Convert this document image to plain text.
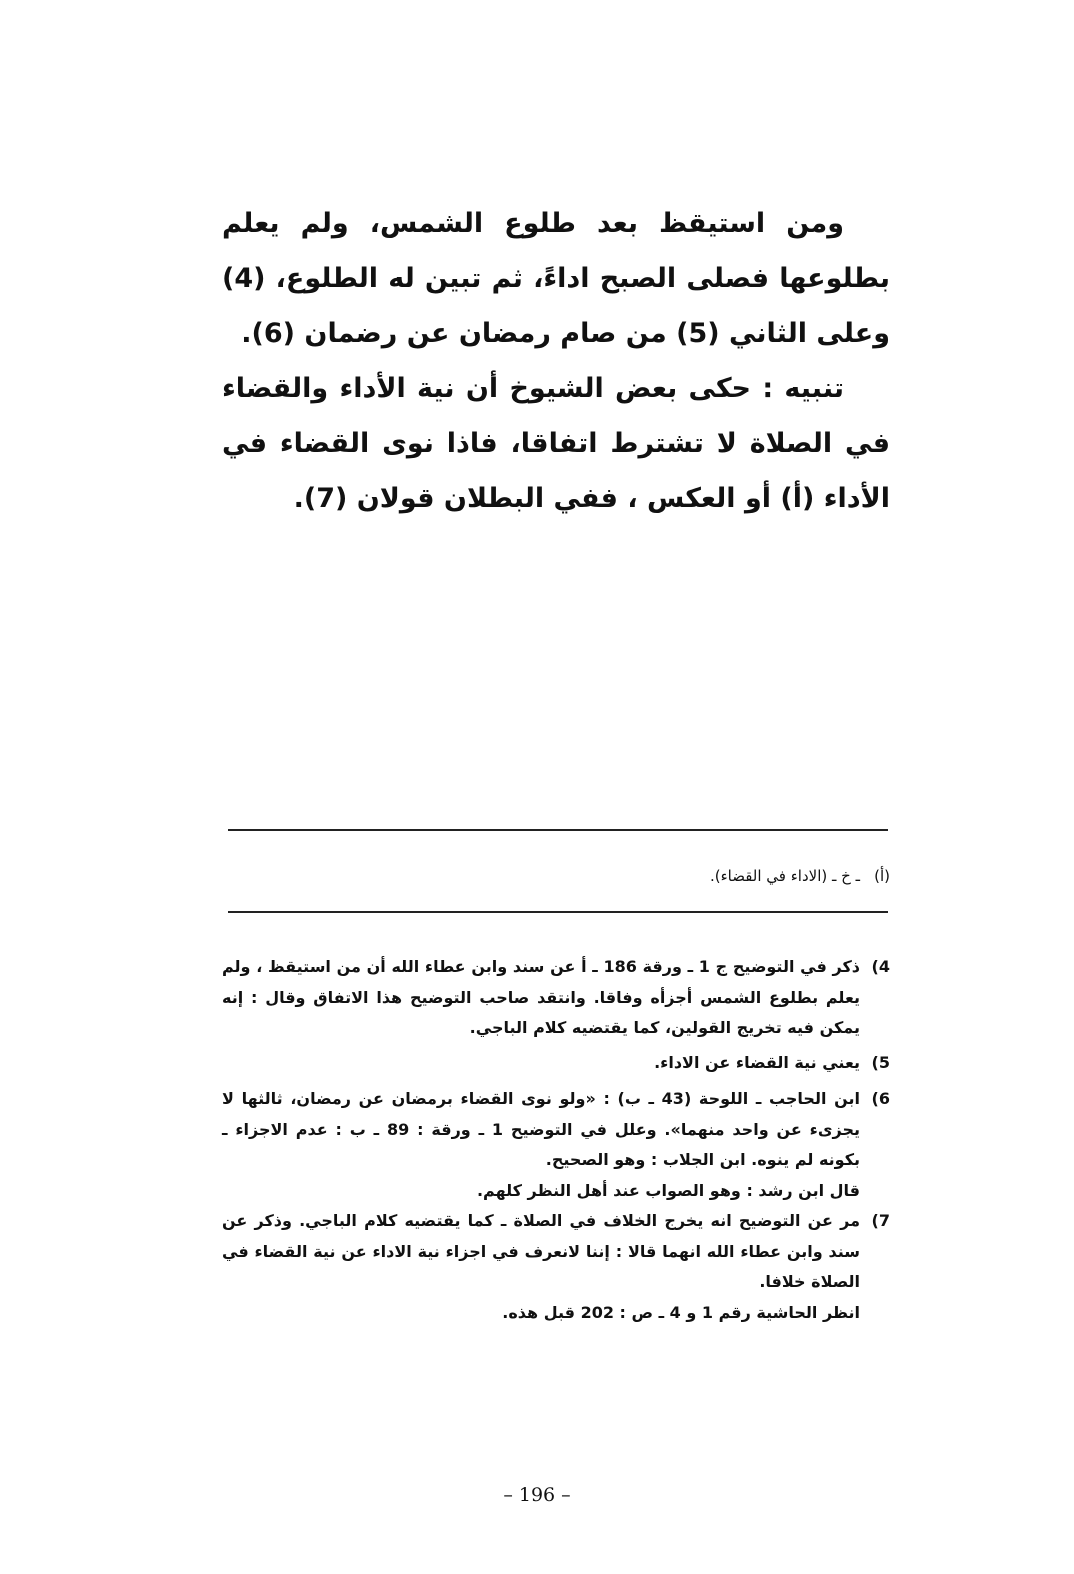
ومن استيقظ بعد طلوع الشمس، ولم يعلم بطلوعها فصلى الصبح اداءً، ثم تبين له الطلوع، (4) وعلى الثاني (5) من صام رمضان عن رضمان (6).

تنبيه : حكى بعض الشيوخ أن نية الأداء والقضاء في الصلاة لا تشترط اتفاقا، فاذا نوى القضاء في الأداء (أ) أو العكس ، ففي البطلان قولان (7).

(أ)
ـ خ ـ (الاداء في القضاء).
4)

ذكر في التوضيح ج 1 ـ ورقة 186 ـ أ عن سند وابن عطاء الله أن من استيقظ ، ولم يعلم بطلوع الشمس أجزأه وفاقا. وانتقد صاحب التوضيح هذا الاتفاق وقال : إنه يمكن فيه تخريج القولين، كما يقتضيه كلام الباجي.

5)

يعني نية القضاء عن الاداء.

6)

ابن الحاجب ـ اللوحة (43 ـ ب) : «ولو نوى القضاء برمضان عن رمضان، ثالثها لا يجزىء عن واحد منهما». وعلل في التوضيح 1 ـ ورقة : 89 ـ ب : عدم الاجزاء ـ بكونه لم ينوه. ابن الجلاب : وهو الصحيح.

قال ابن رشد : وهو الصواب عند أهل النظر كلهم.

7)

مر عن التوضيح انه يخرج الخلاف في الصلاة ـ كما يقتضيه كلام الباجي. وذكر عن سند وابن عطاء الله انهما قالا : إننا لانعرف في اجزاء نية الاداء عن نية القضاء في الصلاة خلافا.

انظر الحاشية رقم 1 و 4 ـ ص : 202 قبل هذه.

– 196 –
